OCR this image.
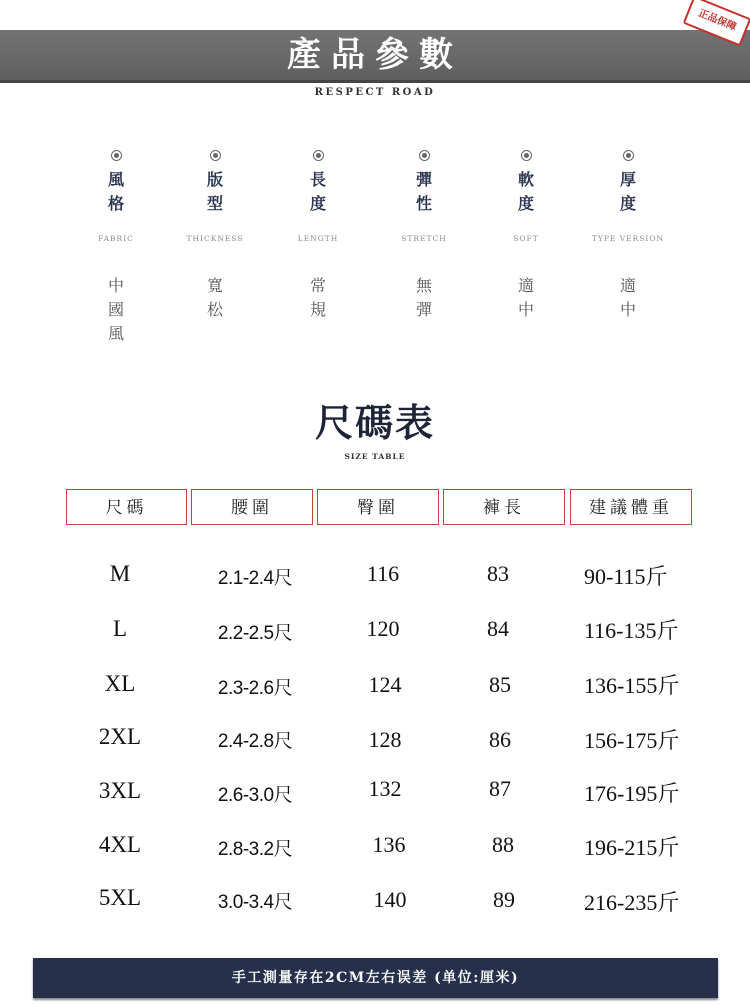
產品參數
RESPECT ROAD
正品保障
風格
FABRIC
中國風
版型
THICKNESS
寬松
長度
LENGTH
常規
彈性
STRETCH
無彈
軟度
SOFT
適中
厚度
TYPE VERSION
適中
尺碼表
SIZE TABLE
尺碼	腰圍	臀圍	褲長	建議體重
M	2.1-2.4尺	116	83	90-115斤
L	2.2-2.5尺	120	84	116-135斤
XL	2.3-2.6尺	124	85	136-155斤
2XL	2.4-2.8尺	128	86	156-175斤
3XL	2.6-3.0尺	132	87	176-195斤
4XL	2.8-3.2尺	136	88	196-215斤
5XL	3.0-3.4尺	140	89	216-235斤
手工測量存在2CM左右误差 (单位:厘米)
